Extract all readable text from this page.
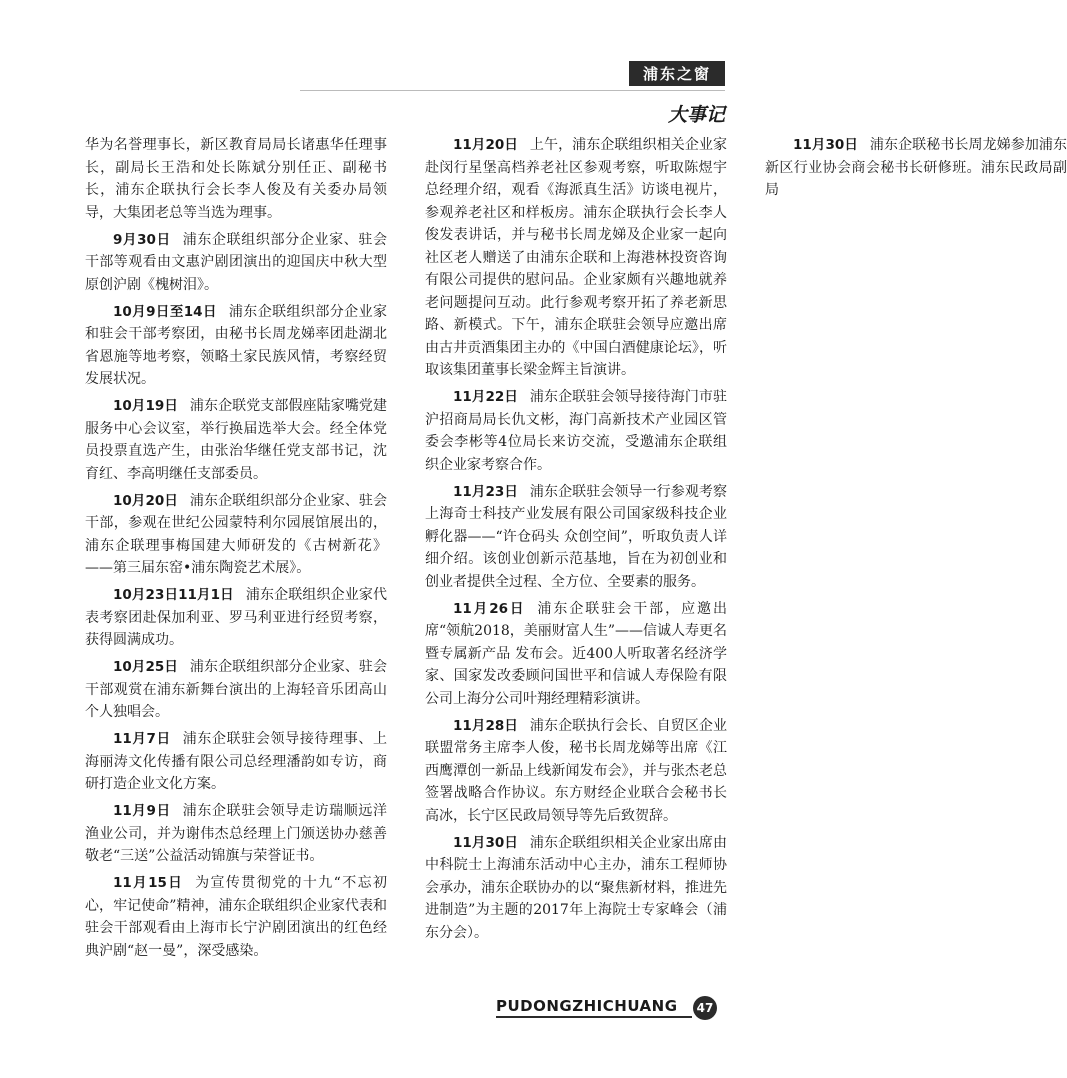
浦东之窗
大事记

华为名誉理事长，新区教育局局长诸惠华任理事长，副局长王浩和处长陈斌分别任正、副秘书长，浦东企联执行会长李人俊及有关委办局领导，大集团老总等当选为理事。

9月30日 浦东企联组织部分企业家、驻会干部等观看由文惠沪剧团演出的迎国庆中秋大型原创沪剧《槐树泪》。

10月9日至14日 浦东企联组织部分企业家和驻会干部考察团，由秘书长周龙娣率团赴湖北省恩施等地考察，领略土家民族风情，考察经贸发展状况。

10月19日 浦东企联党支部假座陆家嘴党建服务中心会议室，举行换届选举大会。经全体党员投票直选产生，由张治华继任党支部书记，沈育红、李高明继任支部委员。

10月20日 浦东企联组织部分企业家、驻会干部，参观在世纪公园蒙特利尔园展馆展出的，浦东企联理事梅国建大师研发的《古树新花》——第三届东窑•浦东陶瓷艺术展》。

10月23日11月1日 浦东企联组织企业家代表考察团赴保加利亚、罗马利亚进行经贸考察，获得圆满成功。

10月25日 浦东企联组织部分企业家、驻会干部观赏在浦东新舞台演出的上海轻音乐团高山个人独唱会。

11月7日 浦东企联驻会领导接待理事、上海丽涛文化传播有限公司总经理潘韵如专访，商研打造企业文化方案。

11月9日 浦东企联驻会领导走访瑞顺远洋渔业公司，并为谢伟杰总经理上门颁送协办慈善敬老“三送”公益活动锦旗与荣誉证书。

11月15日 为宣传贯彻党的十九“不忘初心，牢记使命”精神，浦东企联组织企业家代表和驻会干部观看由上海市长宁沪剧团演出的红色经典沪剧“赵一曼”，深受感染。

11月20日 上午，浦东企联组织相关企业家赴闵行星堡高档养老社区参观考察，听取陈煜宇总经理介绍，观看《海派真生活》访谈电视片，参观养老社区和样板房。浦东企联执行会长李人俊发表讲话，并与秘书长周龙娣及企业家一起向社区老人赠送了由浦东企联和上海港林投资咨询有限公司提供的慰问品。企业家颇有兴趣地就养老问题提问互动。此行参观考察开拓了养老新思路、新模式。下午，浦东企联驻会领导应邀出席由古井贡酒集团主办的《中国白酒健康论坛》，听取该集团董事长梁金辉主旨演讲。

11月22日 浦东企联驻会领导接待海门市驻沪招商局局长仇文彬，海门高新技术产业园区管委会李彬等4位局长来访交流，受邀浦东企联组织企业家考察合作。

11月23日 浦东企联驻会领导一行参观考察上海奇士科技产业发展有限公司国家级科技企业孵化器——“许仓码头 众创空间”，听取负责人详细介绍。该创业创新示范基地，旨在为初创业和创业者提供全过程、全方位、全要素的服务。

11月26日 浦东企联驻会干部，应邀出席“领航2018，美丽财富人生”——信诚人寿更名暨专属新产品 发布会。近400人听取著名经济学家、国家发改委顾问国世平和信诚人寿保险有限公司上海分公司叶翔经理精彩演讲。

11月28日 浦东企联执行会长、自贸区企业联盟常务主席李人俊，秘书长周龙娣等出席《江西鹰潭创一新品上线新闻发布会》，并与张杰老总签署战略合作协议。东方财经企业联合会秘书长高冰，长宁区民政局领导等先后致贺辞。

11月30日 浦东企联组织相关企业家出席由中科院士上海浦东活动中心主办，浦东工程师协会承办，浦东企联协办的以“聚焦新材料，推进先进制造”为主题的2017年上海院士专家峰会（浦东分会）。

11月30日 浦东企联秘书长周龙娣参加浦东新区行业协会商会秘书长研修班。浦东民政局副局

PUDONGZHICHUANG	47
